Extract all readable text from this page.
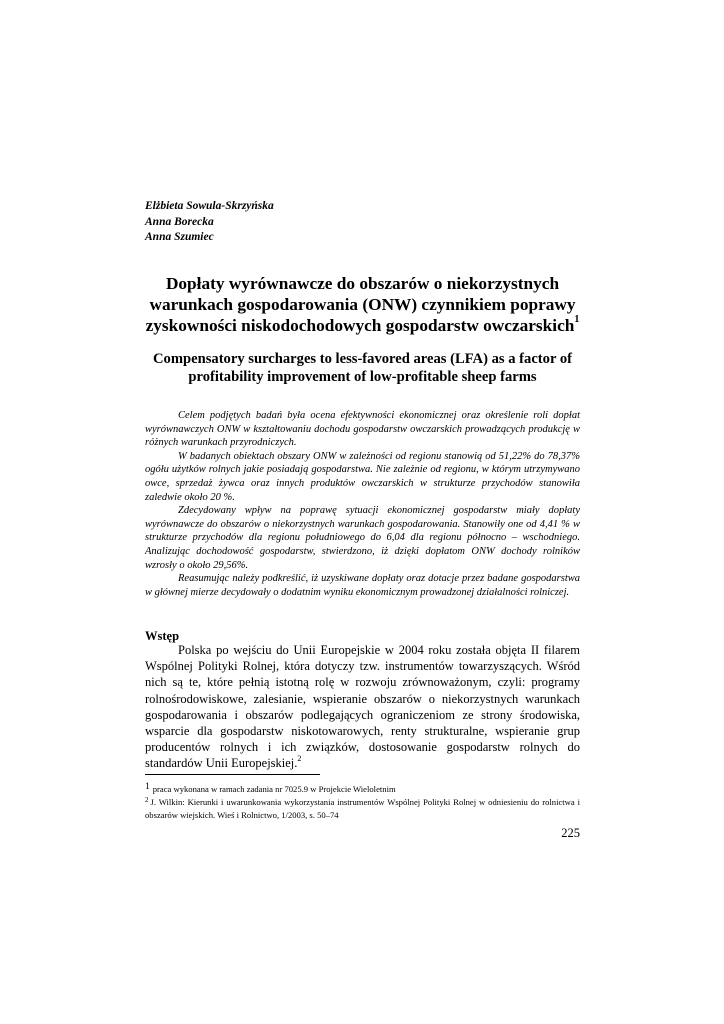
Elżbieta Sowula-Skrzyńska
Anna Borecka
Anna Szumiec
Dopłaty wyrównawcze do obszarów o niekorzystnych warunkach gospodarowania (ONW) czynnikiem poprawy zyskowności niskodochodowych gospodarstw owczarskich$^1$
Compensatory surcharges to less-favored areas (LFA) as a factor of profitability improvement of low-profitable sheep farms

Celem podjętych badań była ocena efektywności ekonomicznej oraz określenie roli dopłat wyrównawczych ONW w kształtowaniu dochodu gospodarstw owczarskich prowadzących produkcję w różnych warunkach przyrodniczych.

W badanych obiektach obszary ONW w zależności od regionu stanowią od 51,22% do 78,37% ogółu użytków rolnych jakie posiadają gospodarstwa. Nie zależnie od regionu, w którym utrzymywano owce, sprzedaż żywca oraz innych produktów owczarskich w strukturze przychodów stanowiła zaledwie około 20 %.

Zdecydowany wpływ na poprawę sytuacji ekonomicznej gospodarstw miały dopłaty wyrównawcze do obszarów o niekorzystnych warunkach gospodarowania. Stanowiły one od 4,41 % w strukturze przychodów dla regionu południowego do 6,04 dla regionu północno – wschodniego. Analizując dochodowość gospodarstw, stwierdzono, iż dzięki dopłatom ONW dochody rolników wzrosły o około 29,56%.

Reasumując należy podkreślić, iż uzyskiwane dopłaty oraz dotacje przez badane gospodarstwa w głównej mierze decydowały o dodatnim wyniku ekonomicznym prowadzonej działalności rolniczej.

Wstęp

Polska po wejściu do Unii Europejskie w 2004 roku została objęta II filarem Wspólnej Polityki Rolnej, która dotyczy tzw. instrumentów towarzyszących. Wśród nich są te, które pełnią istotną rolę w rozwoju zrównoważonym, czyli: programy rolnośrodowiskowe, zalesianie, wspieranie obszarów o niekorzystnych warunkach gospodarowania i obszarów podlegających ograniczeniom ze strony środowiska, wsparcie dla gospodarstw niskotowarowych, renty strukturalne, wspieranie grup producentów rolnych i ich związków, dostosowanie gospodarstw rolnych do standardów Unii Europejskiej.$^2$

1 praca wykonana w ramach zadania nr 7025.9 w Projekcie Wieloletnim

$^2$ J. Wilkin: Kierunki i uwarunkowania wykorzystania instrumentów Wspólnej Polityki Rolnej w odniesieniu do rolnictwa i obszarów wiejskich. Wieś i Rolnictwo, 1/2003, s. 50–74

225
